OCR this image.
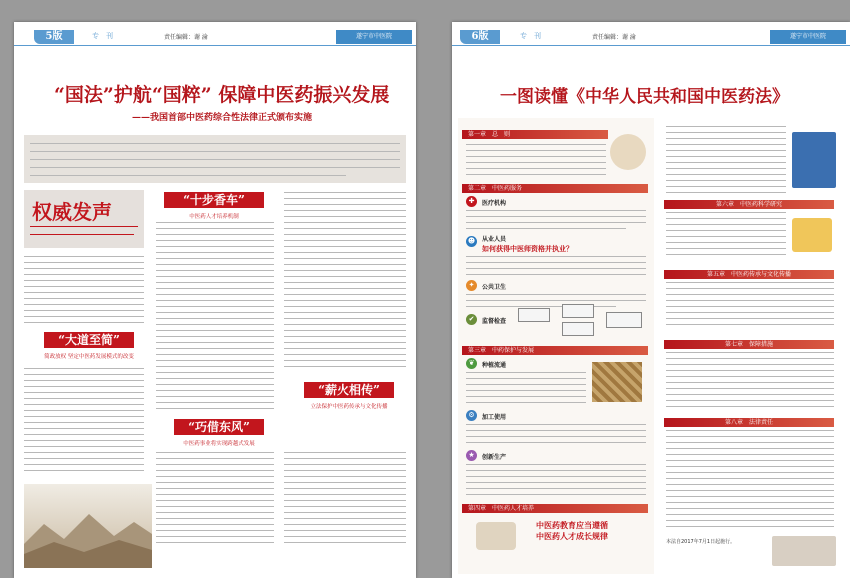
5版	专　刊	责任编辑：谢 渝	遂宁市中医院
“国法”护航“国粹” 保障中医药振兴发展
——我国首部中医药综合性法律正式颁布实施
权威发声	“十步香车”
中医药人才培养机制
“大道至简”
简政放权 坚定中医药发展模式的改变
“薪火相传”
立法保护中医药传承与文化传播
“巧借东风”
中医药事业将实现跨越式发展
6版	专　刊	责任编辑：谢 渝	遂宁市中医院
一图读懂《中华人民共和国中医药法》
第一章　总　则
第二章　中医药服务
✚	医疗机构
☻	从业人员
如何获得中医师资格并执业？
✦	公共卫生
✔	监督检查
第三章　中药保护与发展
❦	种植流通
⚙	加工使用
★	创新生产
第四章　中医药人才培养
中医药教育应当遵循
中医药人才成长规律
第六章　中医药科学研究
第五章　中医药传承与文化传播
第七章　保障措施
第八章　法律责任
本法自2017年7月1日起施行。
